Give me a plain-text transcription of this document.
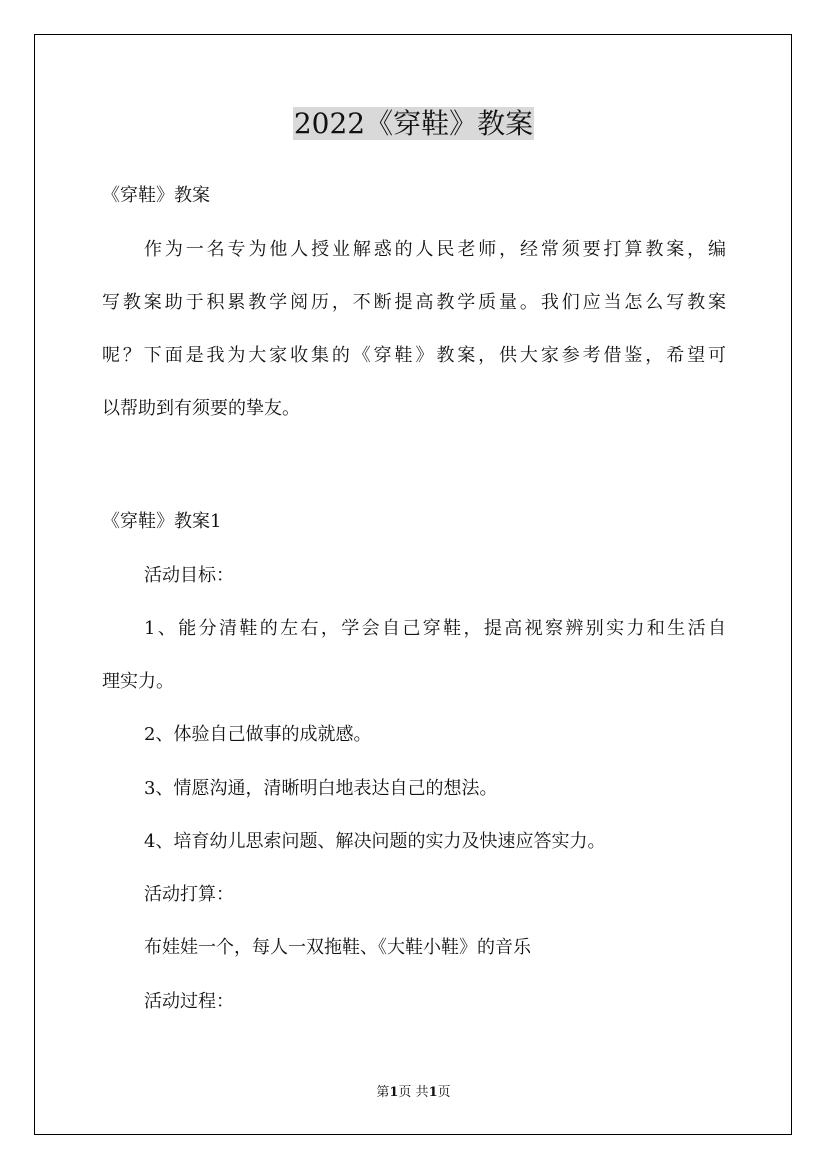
2022《穿鞋》教案

《穿鞋》教案

作为一名专为他人授业解惑的人民老师，经常须要打算教案，编

写教案助于积累教学阅历，不断提高教学质量。我们应当怎么写教案

呢？下面是我为大家收集的《穿鞋》教案，供大家参考借鉴，希望可

以帮助到有须要的挚友。

《穿鞋》教案1

活动目标：

1、能分清鞋的左右，学会自己穿鞋，提高视察辨别实力和生活自

理实力。

2、体验自己做事的成就感。

3、情愿沟通，清晰明白地表达自己的想法。

4、培育幼儿思索问题、解决问题的实力及快速应答实力。

活动打算：

布娃娃一个，每人一双拖鞋、《大鞋小鞋》的音乐

活动过程：

第1页 共1页
